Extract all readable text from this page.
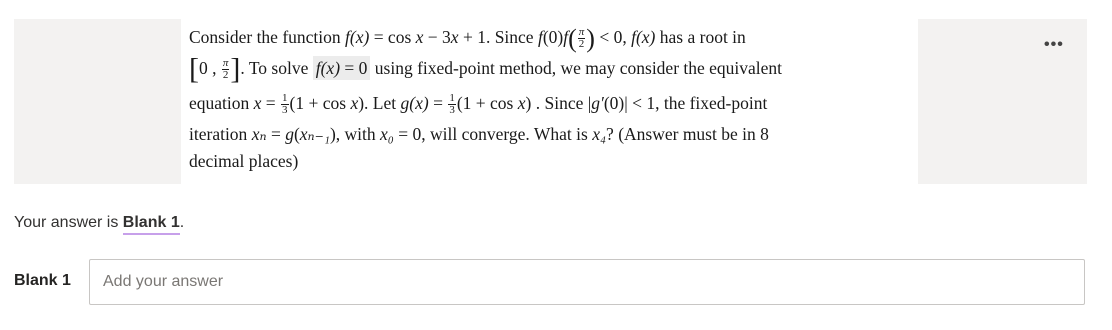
Consider the function f(x) = cos x − 3x + 1. Since $f(0)f( \frac{\pi}{2}$ ) < 0, f(x) has a root in
[0 , $\frac{\pi}{2}$ ]. To solve f(x) = 0 using fixed-point method, we may consider the equivalent
equation $x = \frac{1}{3} (1 + \cos x)$. Let $g(x) = \frac{1}{3} (1 + \cos x)$ . Since |g′(0)| < 1, the fixed-point
iteration xₙ = g(xₙ₋₁), with x₀ = 0, will converge. What is x₄? (Answer must be in 8
decimal places)
•••
Your answer is Blank 1.
Blank 1
Add your answer
